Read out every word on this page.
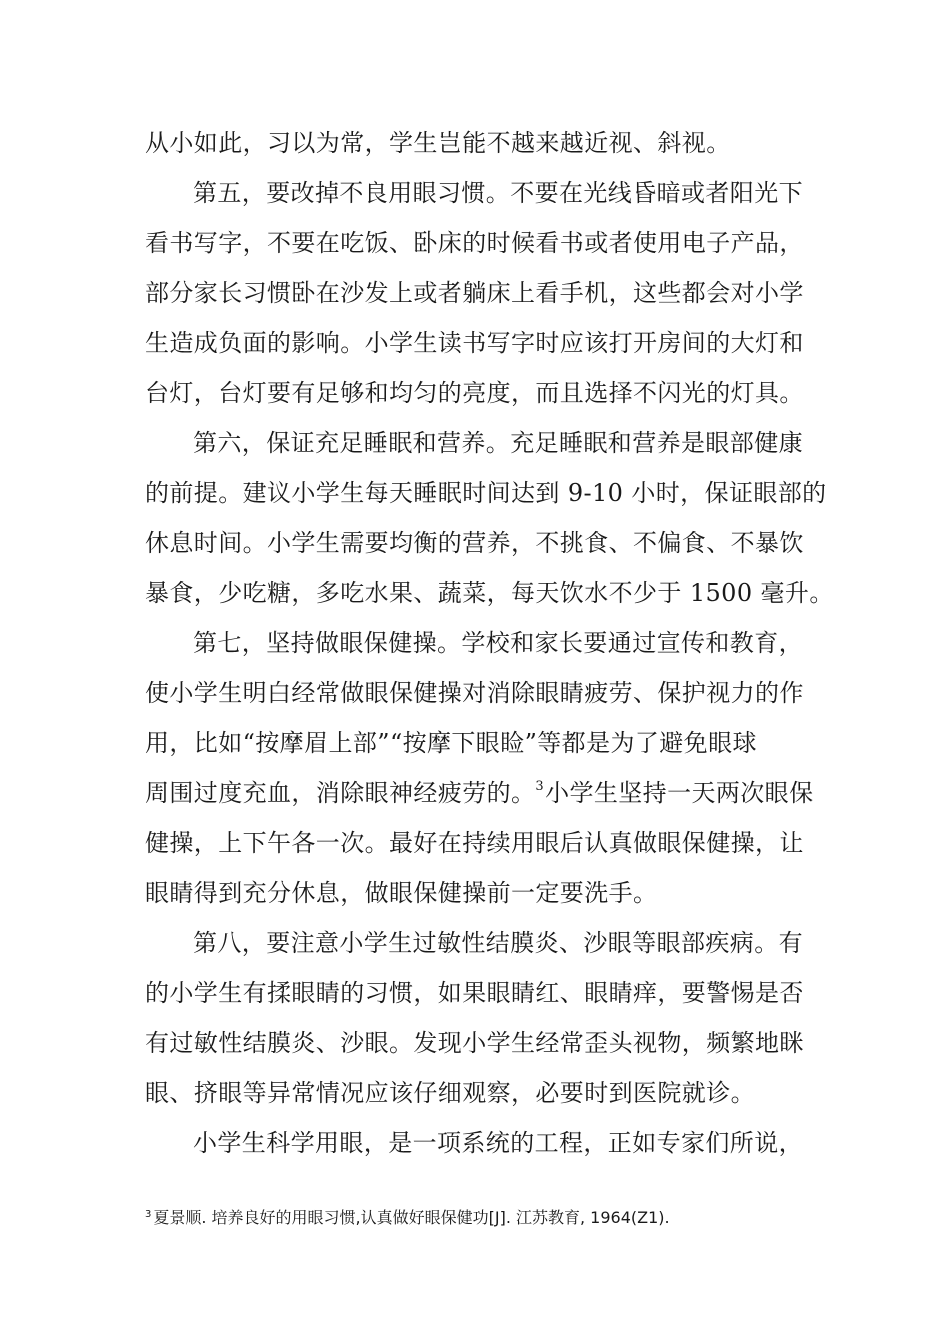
从小如此，习以为常，学生岂能不越来越近视、斜视。
第五，要改掉不良用眼习惯。不要在光线昏暗或者阳光下
看书写字，不要在吃饭、卧床的时候看书或者使用电子产品，
部分家长习惯卧在沙发上或者躺床上看手机，这些都会对小学
生造成负面的影响。小学生读书写字时应该打开房间的大灯和
台灯，台灯要有足够和均匀的亮度，而且选择不闪光的灯具。
第六，保证充足睡眠和营养。充足睡眠和营养是眼部健康
的前提。建议小学生每天睡眠时间达到 9-10 小时，保证眼部的
休息时间。小学生需要均衡的营养，不挑食、不偏食、不暴饮
暴食，少吃糖，多吃水果、蔬菜，每天饮水不少于 1500 毫升。
第七，坚持做眼保健操。学校和家长要通过宣传和教育，
使小学生明白经常做眼保健操对消除眼睛疲劳、保护视力的作
用，比如“按摩眉上部”“按摩下眼睑”等都是为了避免眼球
周围过度充血，消除眼神经疲劳的。$^3$小学生坚持一天两次眼保
健操，上下午各一次。最好在持续用眼后认真做眼保健操，让
眼睛得到充分休息，做眼保健操前一定要洗手。
第八，要注意小学生过敏性结膜炎、沙眼等眼部疾病。有
的小学生有揉眼睛的习惯，如果眼睛红、眼睛痒，要警惕是否
有过敏性结膜炎、沙眼。发现小学生经常歪头视物，频繁地眯
眼、挤眼等异常情况应该仔细观察，必要时到医院就诊。
小学生科学用眼，是一项系统的工程，正如专家们所说，
$^3$ 夏景顺. 培养良好的用眼习惯,认真做好眼保健功[J]. 江苏教育, 1964(Z1).
